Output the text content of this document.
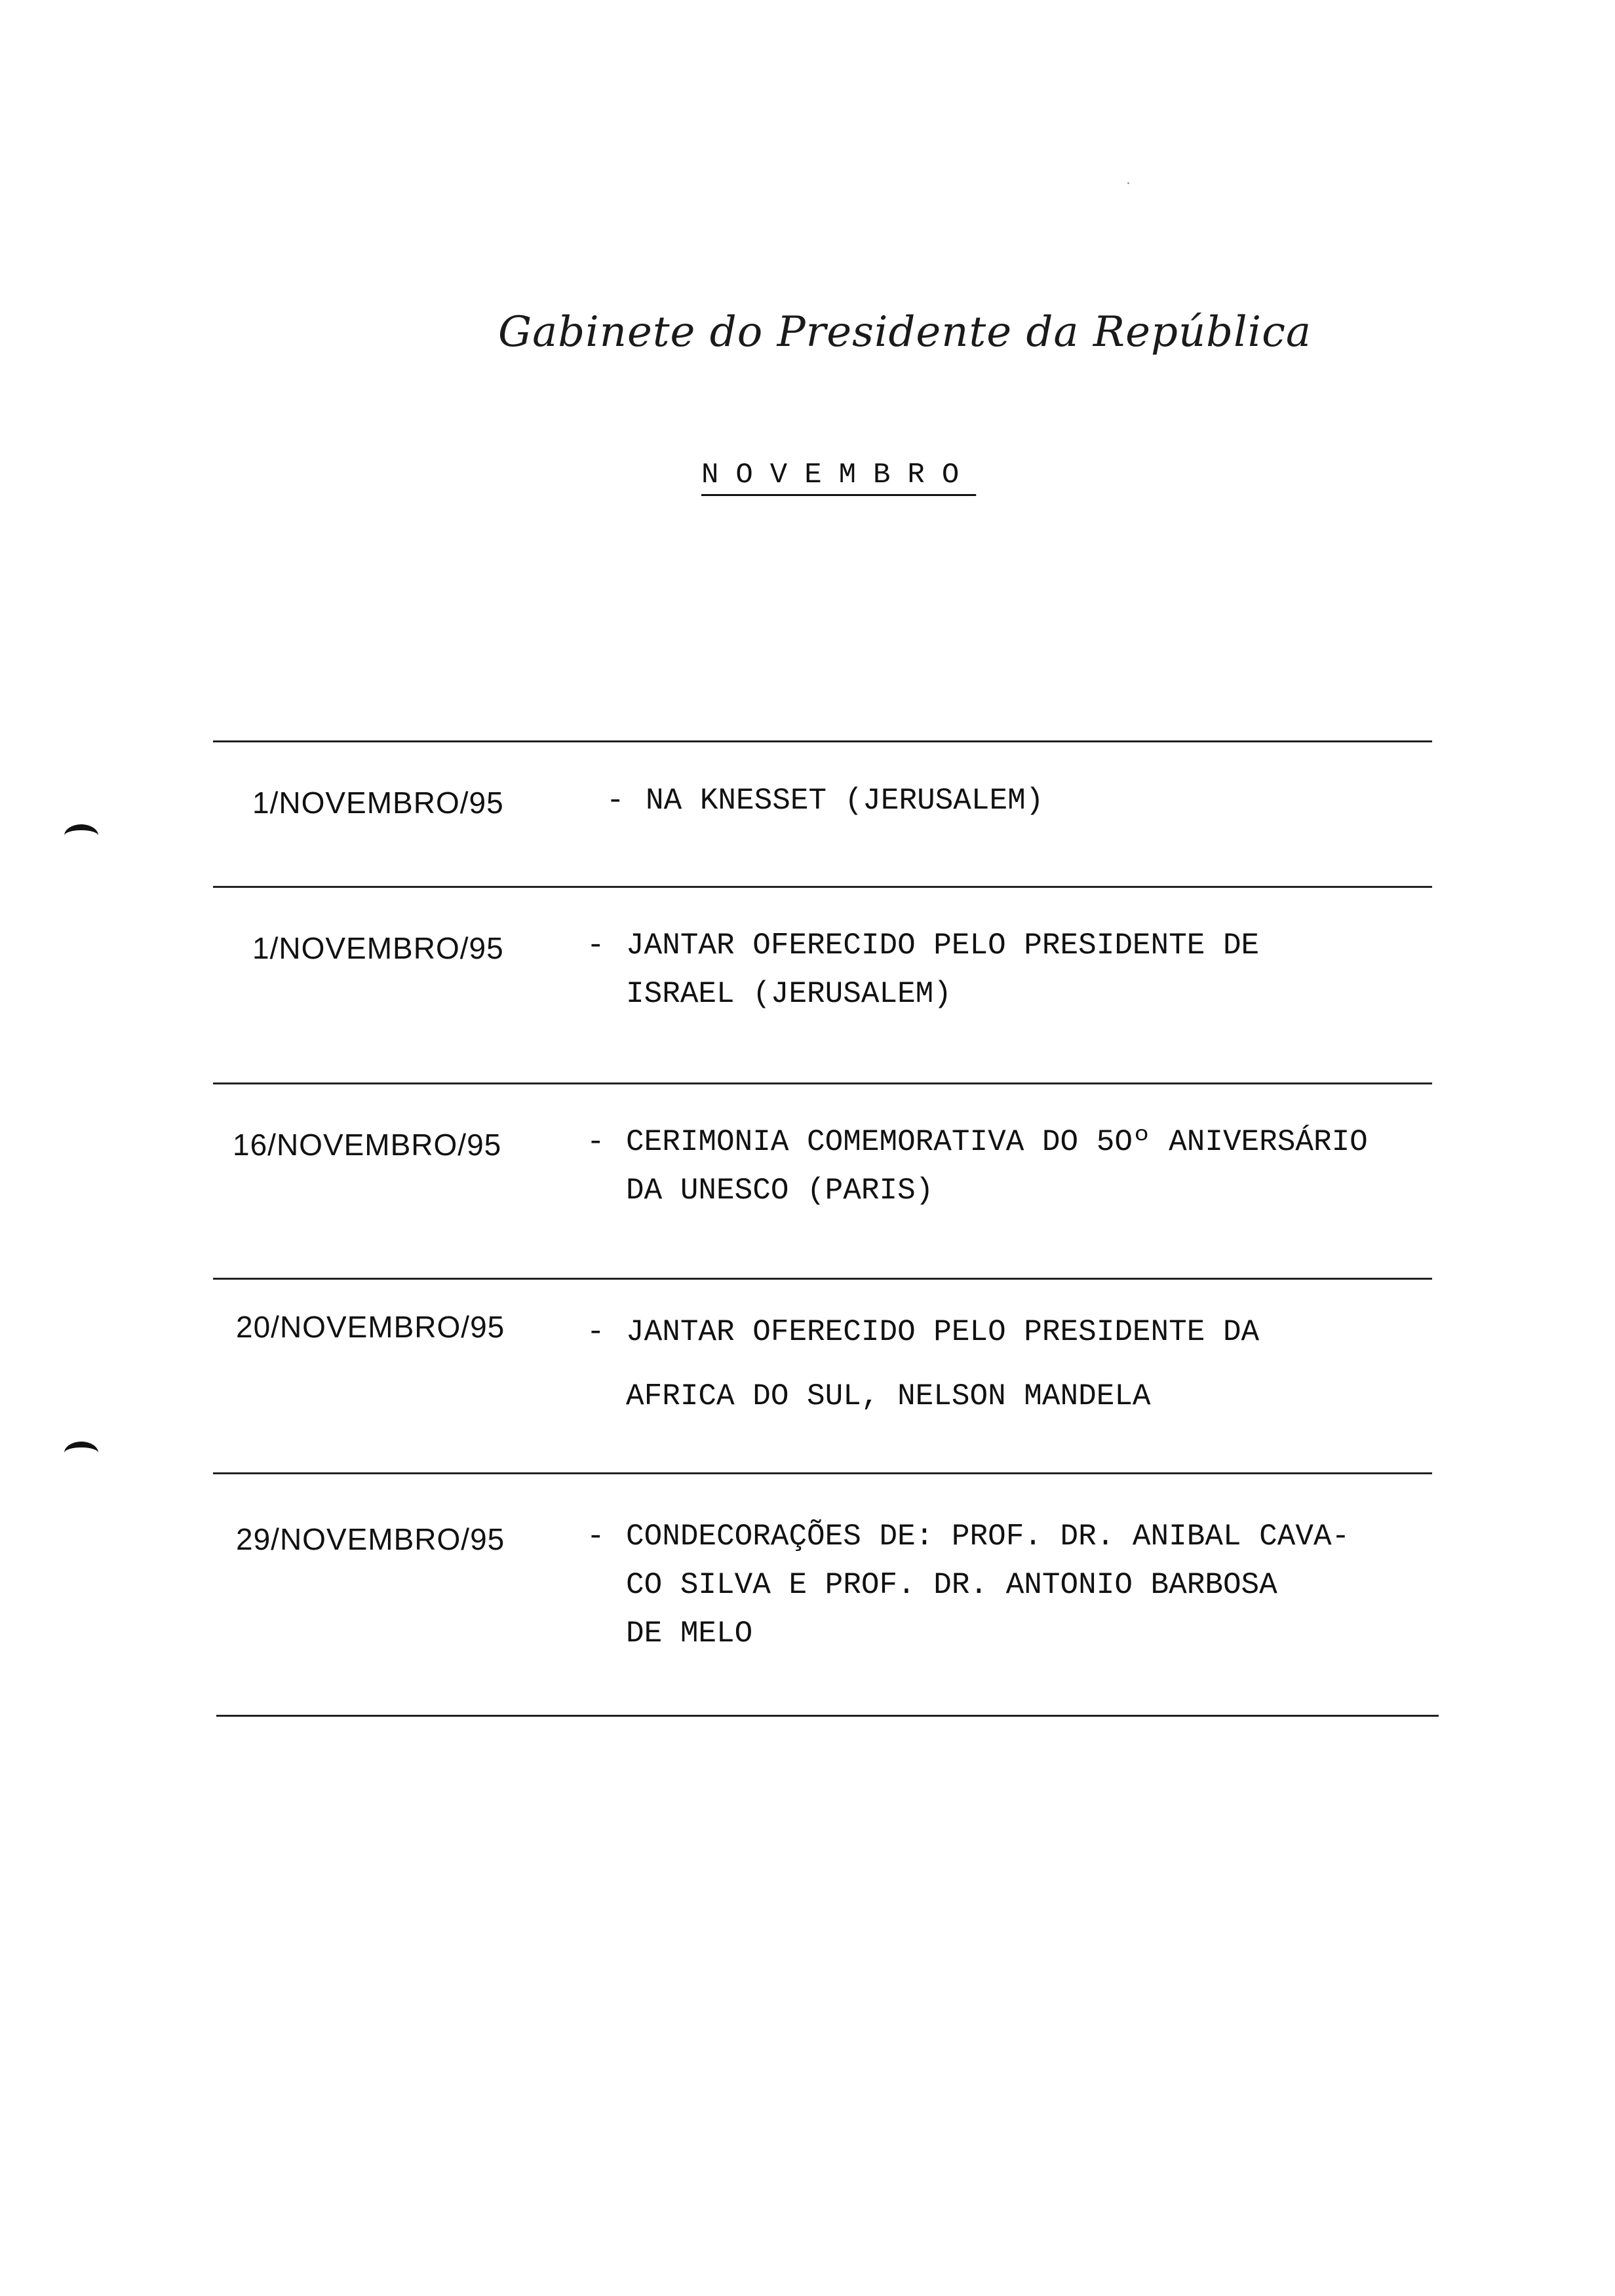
Gabinete do Presidente da República
NOVEMBRO
1/NOVEMBRO/95	- NA KNESSET (JERUSALEM)
1/NOVEMBRO/95	- JANTAR OFERECIDO PELO PRESIDENTE DE
ISRAEL (JERUSALEM)
16/NOVEMBRO/95	- CERIMONIA COMEMORATIVA DO 5Oº ANIVERSÁRIO
DA UNESCO (PARIS)
20/NOVEMBRO/95	- JANTAR OFERECIDO PELO PRESIDENTE DA
AFRICA DO SUL, NELSON MANDELA
29/NOVEMBRO/95	- CONDECORAÇÕES DE: PROF. DR. ANIBAL CAVA-
CO SILVA E PROF. DR. ANTONIO BARBOSA
DE MELO
